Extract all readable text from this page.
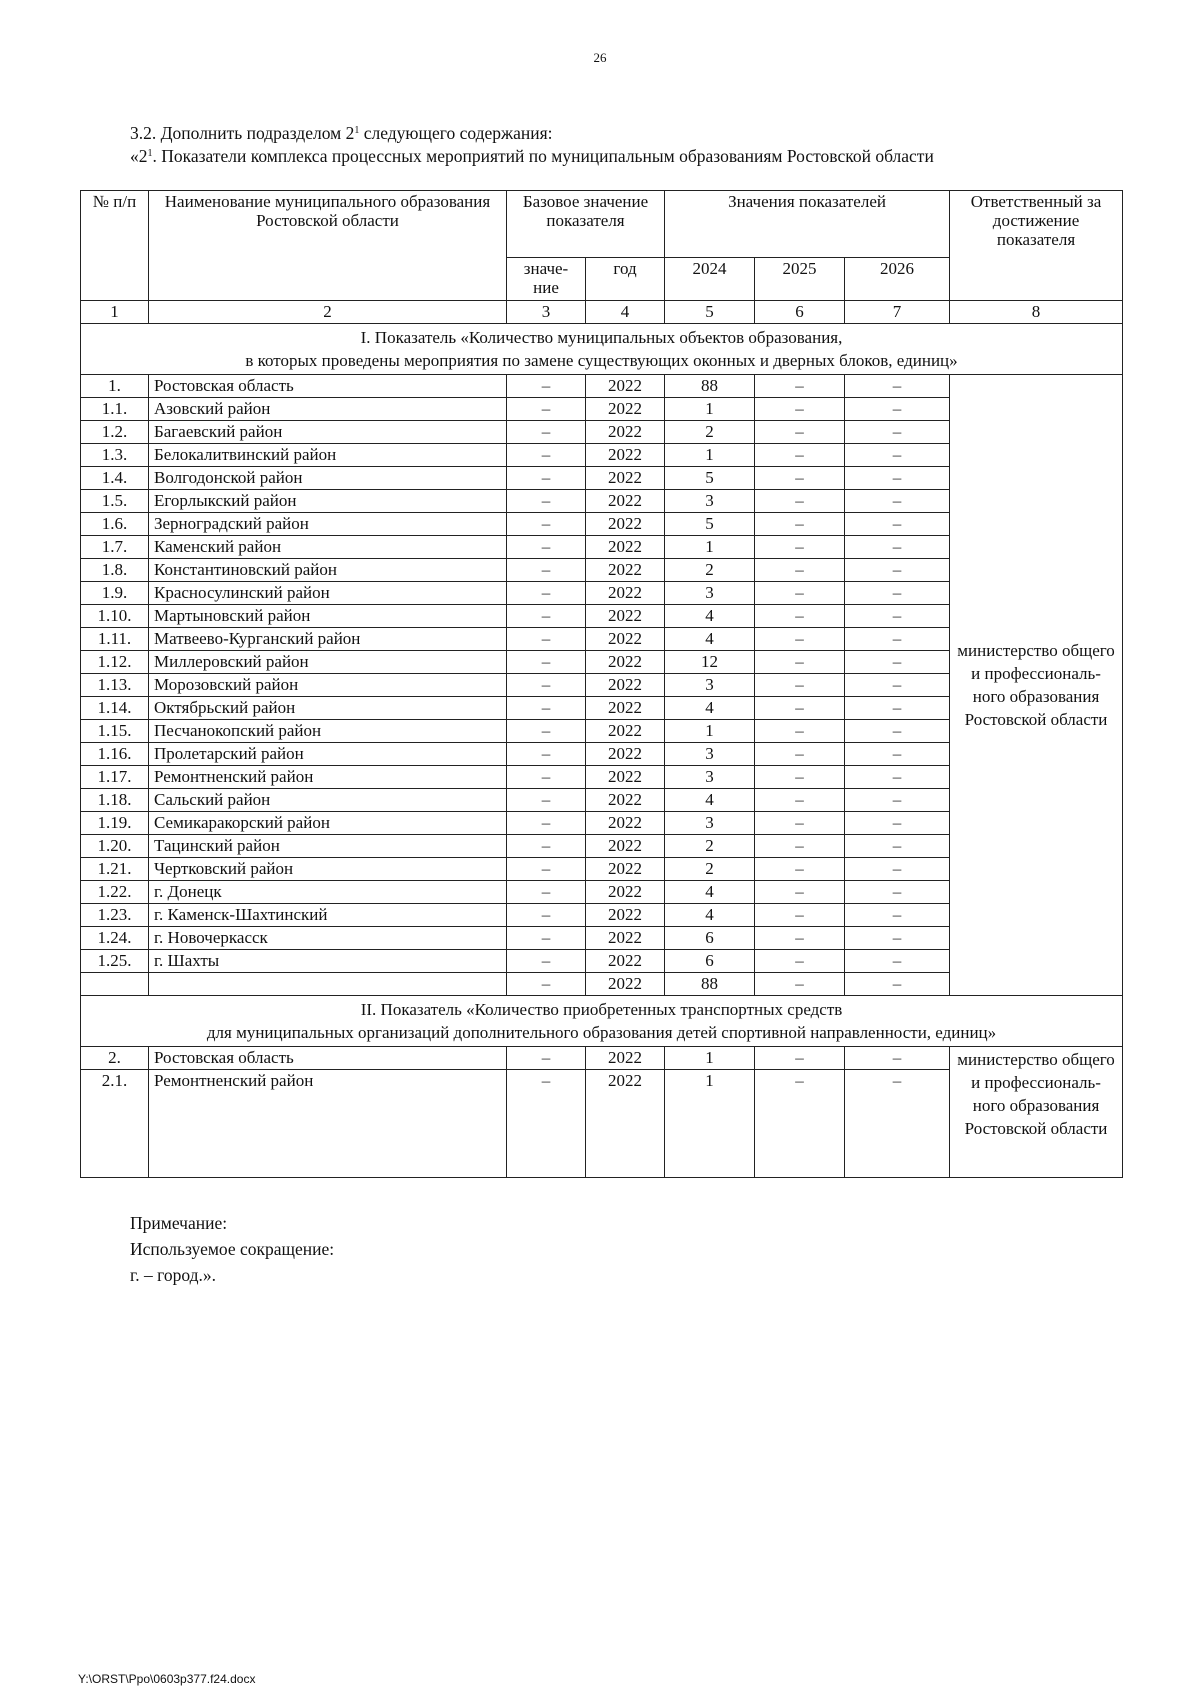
26

3.2. Дополнить подразделом $2^1$ следующего содержания:

«$2^1$. Показатели комплекса процессных мероприятий по муниципальным образованиям Ростовской области

№ п/п	Наименование муниципального образования Ростовской области	Базовое значение показателя		Значения показателей			Ответственный за достижение показателя
		значе- ние	год	2024	2025	2026	
1	2	3	4	5	6	7	8

I. Показатель «Количество муниципальных объектов образования,
в которых проведены мероприятия по замене существующих оконных и дверных блоков, единиц»							

1.	Ростовская область	–	2022	88	–	–	министерство общего и профессиональ- ного образования Ростовской области
1.1.	Азовский район	–	2022	1	–	–	
1.2.	Багаевский район	–	2022	2	–	–	
1.3.	Белокалитвинский район	–	2022	1	–	–	
1.4.	Волгодонской район	–	2022	5	–	–	
1.5.	Егорлыкский район	–	2022	3	–	–	
1.6.	Зерноградский район	–	2022	5	–	–	
1.7.	Каменский район	–	2022	1	–	–	
1.8.	Константиновский район	–	2022	2	–	–	
1.9.	Красносулинский район	–	2022	3	–	–	
1.10.	Мартыновский район	–	2022	4	–	–	
1.11.	Матвеево-Курганский район	–	2022	4	–	–	
1.12.	Миллеровский район	–	2022	12	–	–	
1.13.	Морозовский район	–	2022	3	–	–	
1.14.	Октябрьский район	–	2022	4	–	–	
1.15.	Песчанокопский район	–	2022	1	–	–	
1.16.	Пролетарский район	–	2022	3	–	–	
1.17.	Ремонтненский район	–	2022	3	–	–	
1.18.	Сальский район	–	2022	4	–	–	
1.19.	Семикаракорский район	–	2022	3	–	–	
1.20.	Тацинский район	–	2022	2	–	–	
1.21.	Чертковский район	–	2022	2	–	–	
1.22.	г. Донецк	–	2022	4	–	–	
1.23.	г. Каменск-Шахтинский	–	2022	4	–	–	
1.24.	г. Новочеркасск	–	2022	6	–	–	
1.25.	г. Шахты	–	2022	6	–	–	
		–	2022	88	–	–	

II. Показатель «Количество приобретенных транспортных средств
для муниципальных организаций дополнительного образования детей спортивной направленности, единиц»							

2.	Ростовская область	–	2022	1	–	–	министерство общего и профессиональ- ного образования Ростовской области
2.1.	Ремонтненский район	–	2022	1	–	–	

Примечание:

Используемое сокращение:

г. – город.».

Y:\ORST\Ppo\0603p377.f24.docx
